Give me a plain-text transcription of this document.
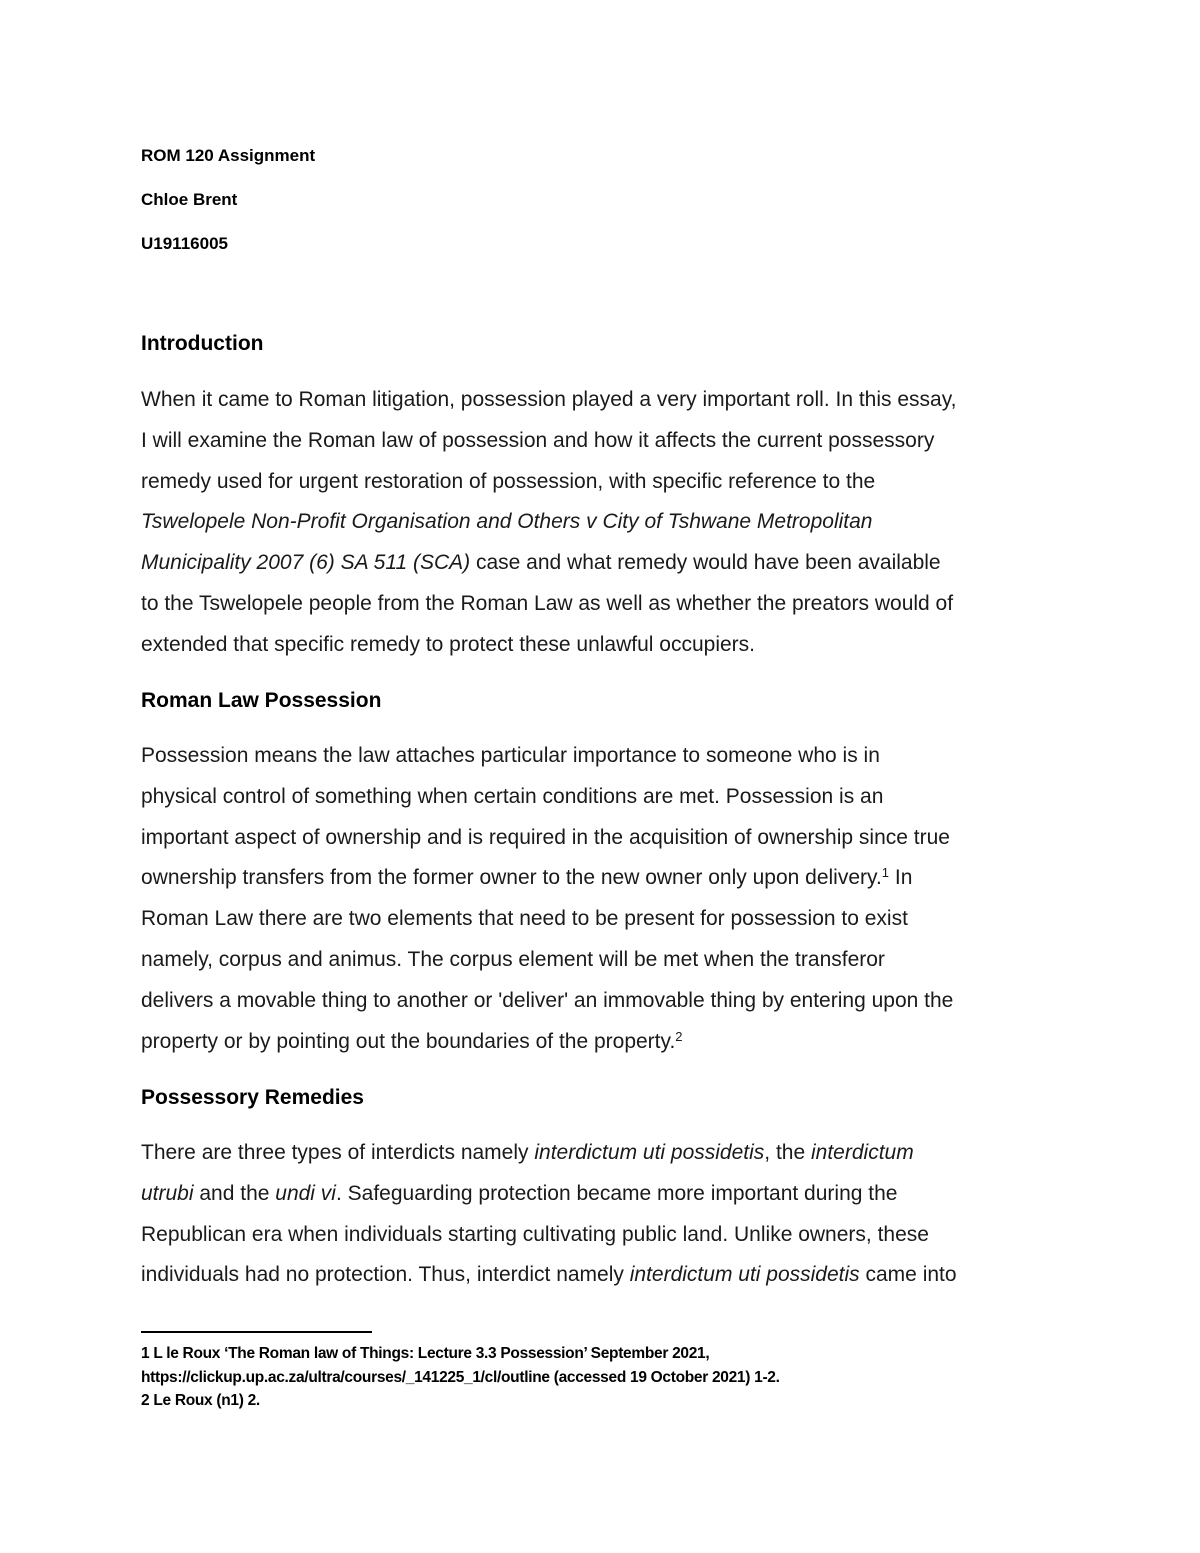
ROM 120 Assignment
Chloe Brent
U19116005
Introduction
When it came to Roman litigation, possession played a very important roll. In this essay,
I will examine the Roman law of possession and how it affects the current possessory
remedy used for urgent restoration of possession, with specific reference to the
Tswelopele Non-Profit Organisation and Others v City of Tshwane Metropolitan
Municipality 2007 (6) SA 511 (SCA) case and what remedy would have been available
to the Tswelopele people from the Roman Law as well as whether the preators would of
extended that specific remedy to protect these unlawful occupiers.
Roman Law Possession
Possession means the law attaches particular importance to someone who is in
physical control of something when certain conditions are met. Possession is an
important aspect of ownership and is required in the acquisition of ownership since true
ownership transfers from the former owner to the new owner only upon delivery.$^1$ In
Roman Law there are two elements that need to be present for possession to exist
namely, corpus and animus. The corpus element will be met when the transferor
delivers a movable thing to another or 'deliver' an immovable thing by entering upon the
property or by pointing out the boundaries of the property.$^2$
Possessory Remedies
There are three types of interdicts namely interdictum uti possidetis, the interdictum
utrubi and the undi vi. Safeguarding protection became more important during the
Republican era when individuals starting cultivating public land. Unlike owners, these
individuals had no protection. Thus, interdict namely interdictum uti possidetis came into
1 L le Roux ‘The Roman law of Things: Lecture 3.3 Possession’ September 2021,
https://clickup.up.ac.za/ultra/courses/_141225_1/cl/outline (accessed 19 October 2021) 1-2.
2 Le Roux (n1) 2.
